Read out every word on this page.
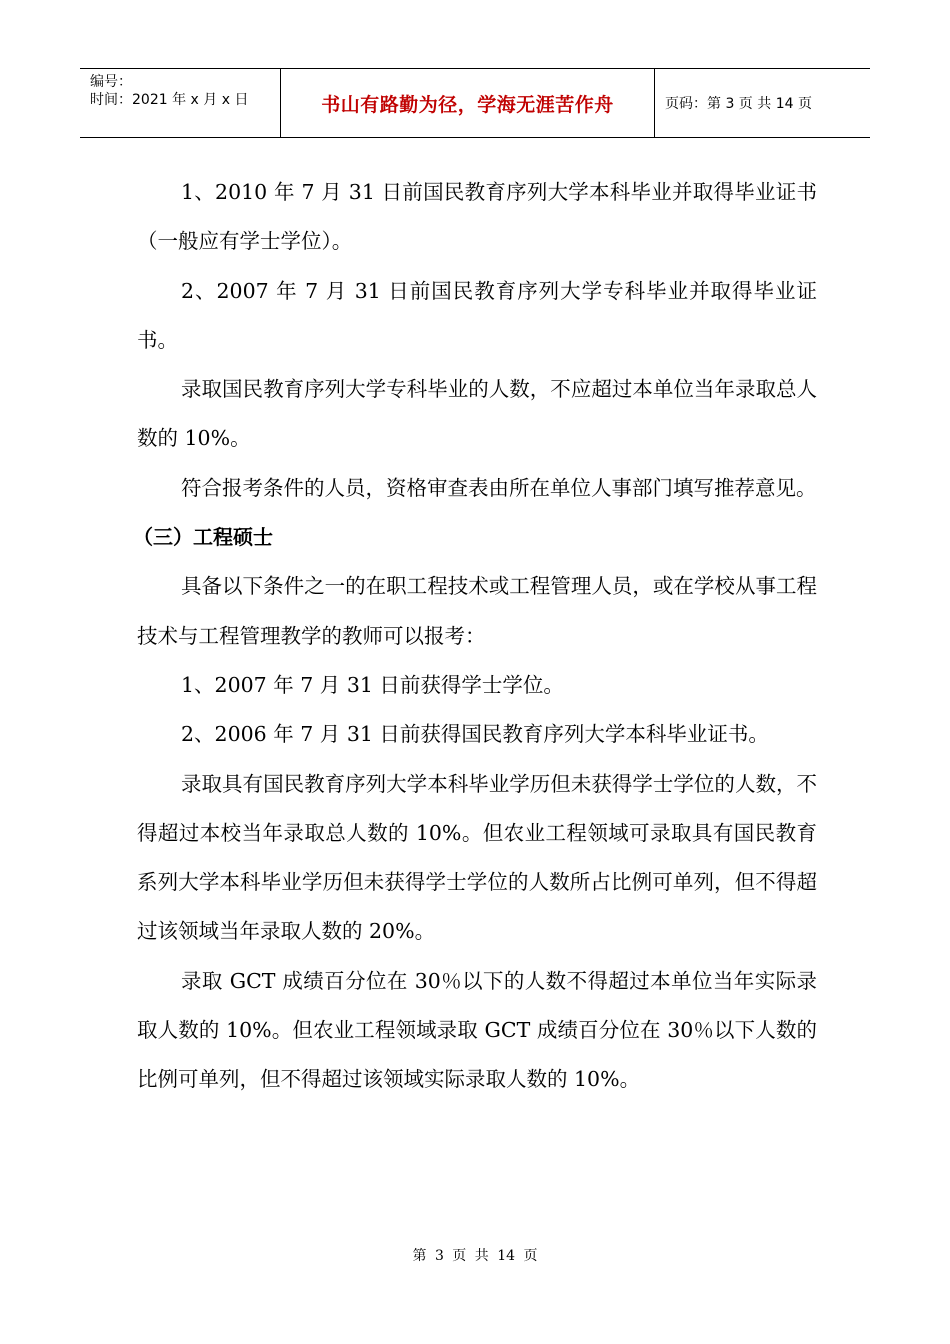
编号：
时间：2021 年 x 月 x 日	书山有路勤为径，学海无涯苦作舟	页码：第 3 页 共 14 页

1、2010 年 7 月 31 日前国民教育序列大学本科毕业并取得毕业证书（一般应有学士学位）。

2、2007 年 7 月 31 日前国民教育序列大学专科毕业并取得毕业证书。

录取国民教育序列大学专科毕业的人数，不应超过本单位当年录取总人数的 10%。

符合报考条件的人员，资格审查表由所在单位人事部门填写推荐意见。

（三）工程硕士

具备以下条件之一的在职工程技术或工程管理人员，或在学校从事工程技术与工程管理教学的教师可以报考：

1、2007 年 7 月 31 日前获得学士学位。

2、2006 年 7 月 31 日前获得国民教育序列大学本科毕业证书。

录取具有国民教育序列大学本科毕业学历但未获得学士学位的人数，不得超过本校当年录取总人数的 10%。但农业工程领域可录取具有国民教育系列大学本科毕业学历但未获得学士学位的人数所占比例可单列，但不得超过该领域当年录取人数的 20%。

录取 GCT 成绩百分位在 30％以下的人数不得超过本单位当年实际录取人数的 10%。但农业工程领域录取 GCT 成绩百分位在 30％以下人数的比例可单列，但不得超过该领域实际录取人数的 10%。

第 3 页 共 14 页
